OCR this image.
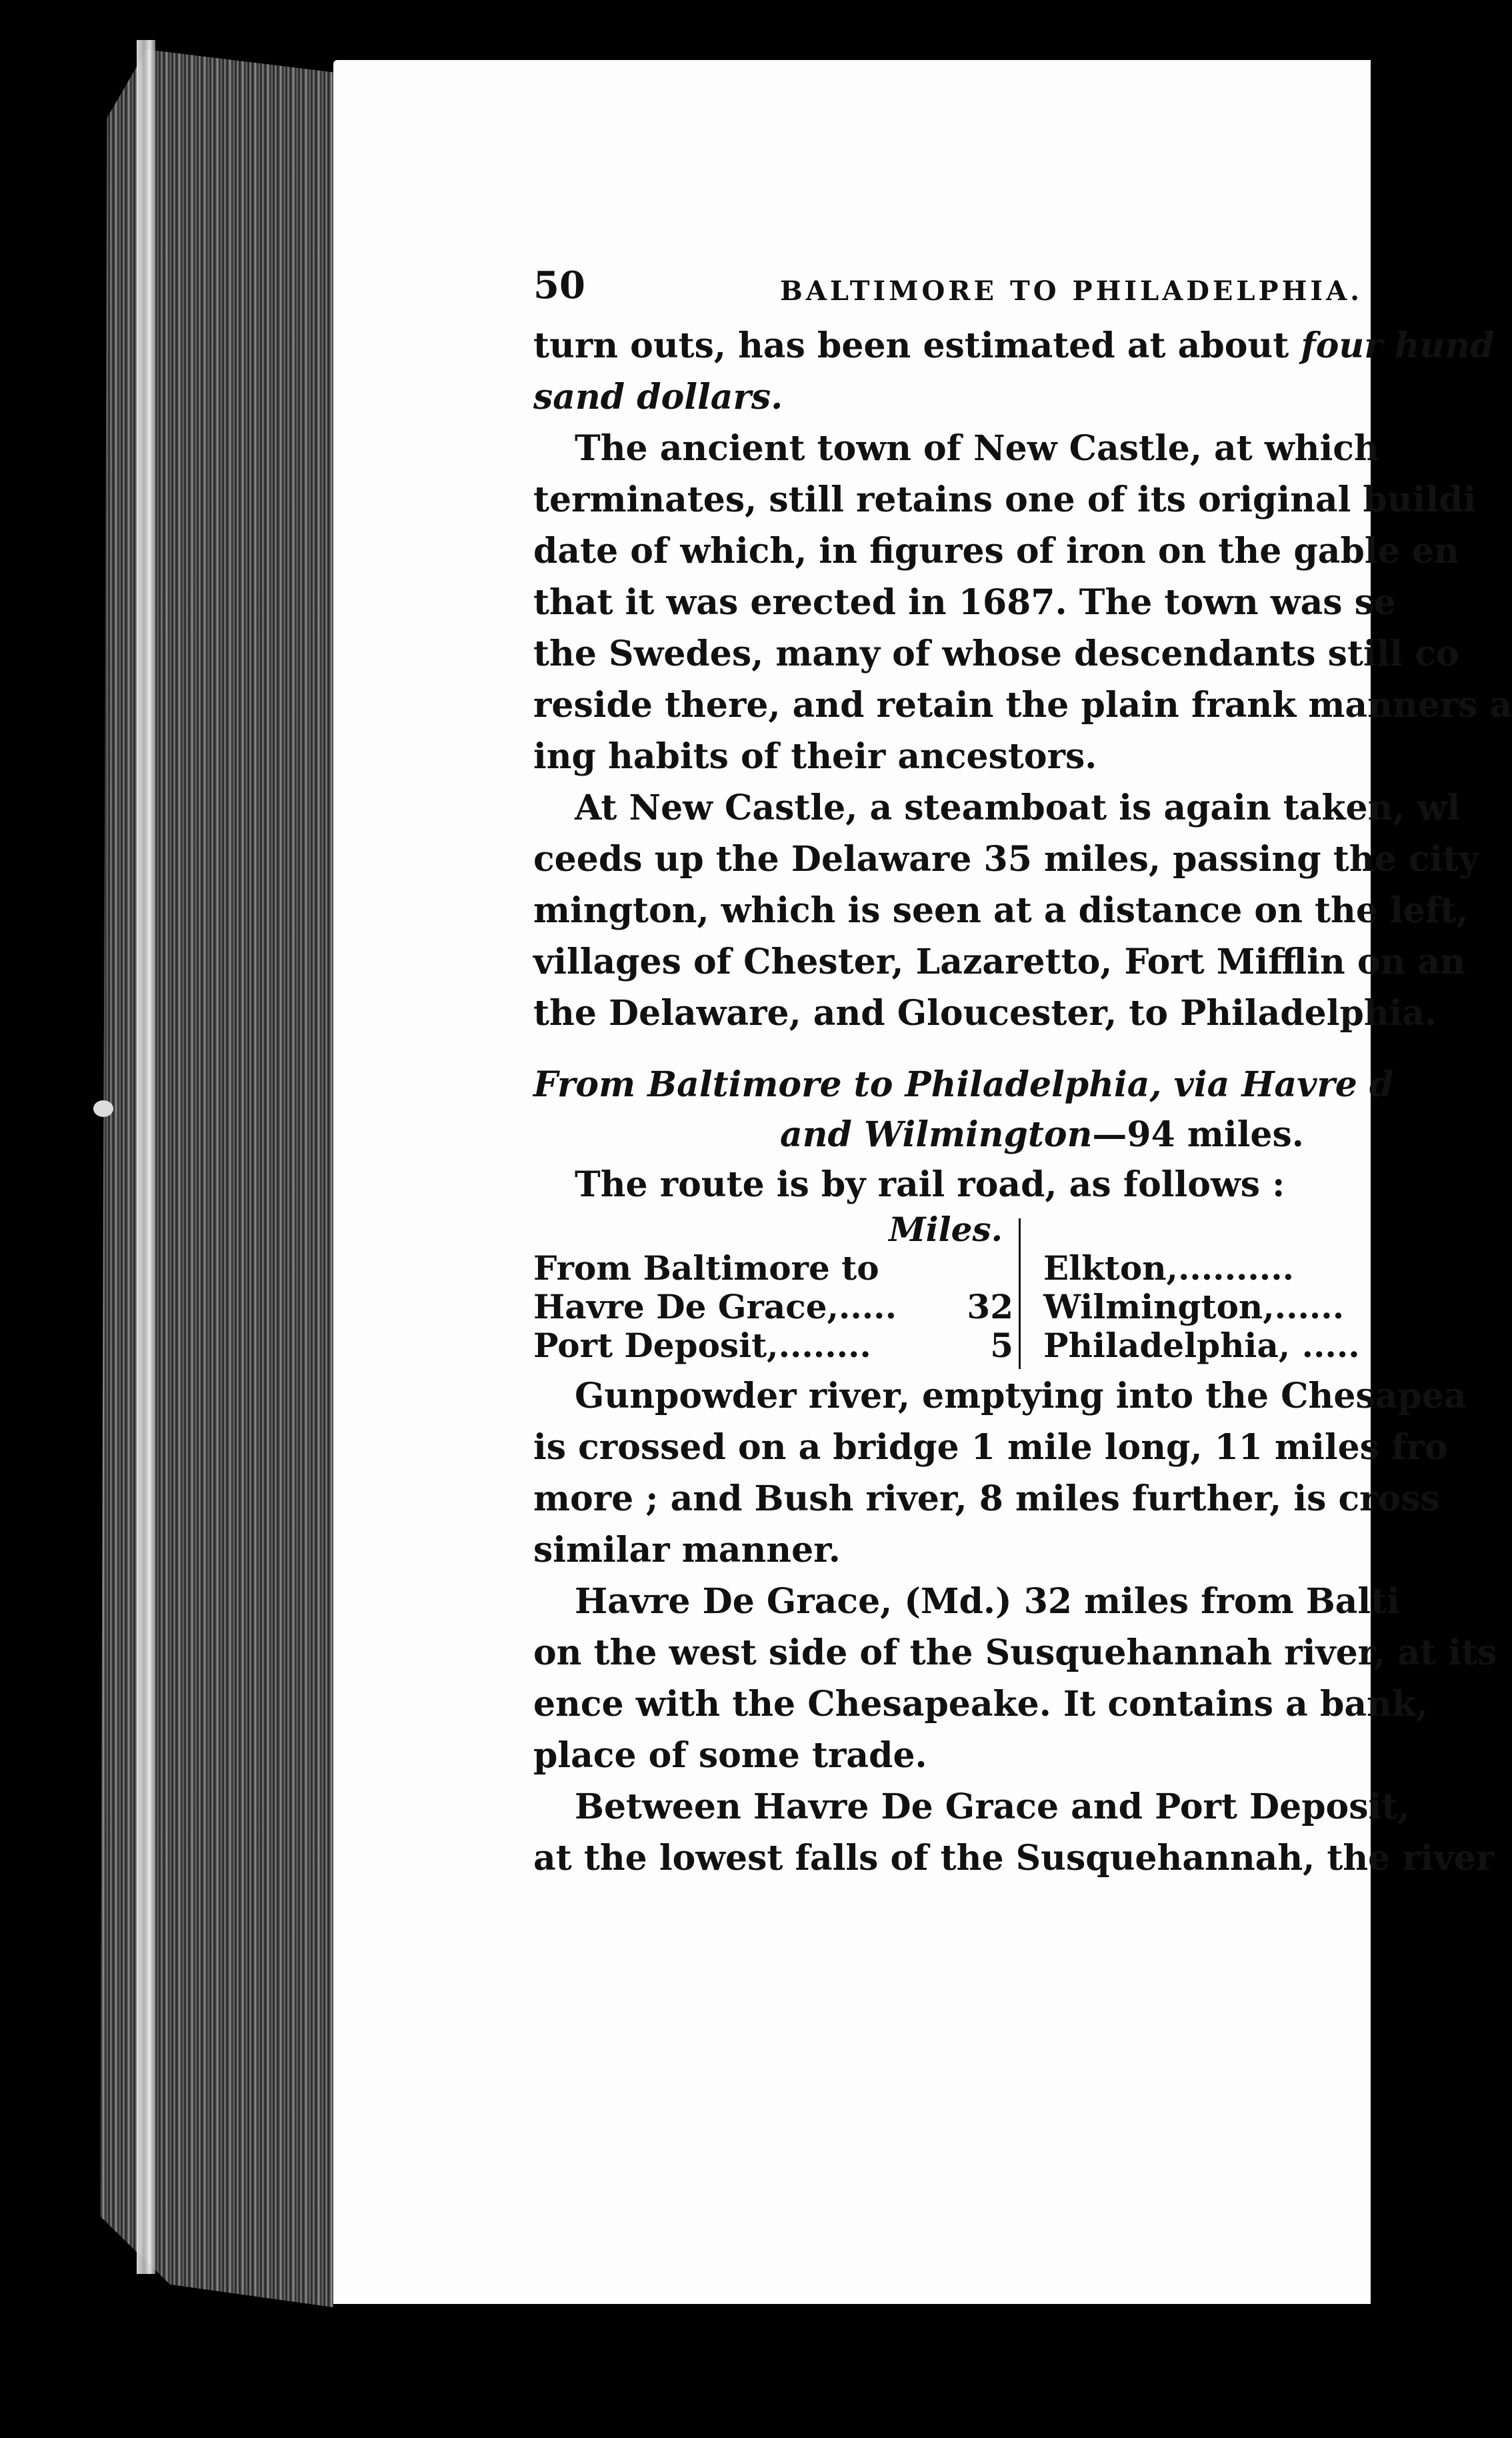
50	BALTIMORE TO PHILADELPHIA.
turn outs, has been estimated at about four hund
sand dollars.
The ancient town of New Castle, at which
terminates, still retains one of its original buildi
date of which, in figures of iron on the gable en
that it was erected in 1687. The town was se
the Swedes, many of whose descendants still co
reside there, and retain the plain frank manners a
ing habits of their ancestors.
At New Castle, a steamboat is again taken, wl
ceeds up the Delaware 35 miles, passing the city
mington, which is seen at a distance on the left,
villages of Chester, Lazaretto, Fort Mifflin on an
the Delaware, and Gloucester, to Philadelphia.
From Baltimore to Philadelphia, via Havre d
and Wilmington—94 miles.
The route is by rail road, as follows :
Miles.
From Baltimore to
Havre De Grace,..... 32
Port Deposit,........	5
Elkton,..........
Wilmington,......
Philadelphia, .....
Gunpowder river, emptying into the Chesapea
is crossed on a bridge 1 mile long, 11 miles fro
more ; and Bush river, 8 miles further, is cross
similar manner.
Havre De Grace, (Md.) 32 miles from Balti
on the west side of the Susquehannah river, at its
ence with the Chesapeake. It contains a bank,
place of some trade.
Between Havre De Grace and Port Deposit,
at the lowest falls of the Susquehannah, the river
